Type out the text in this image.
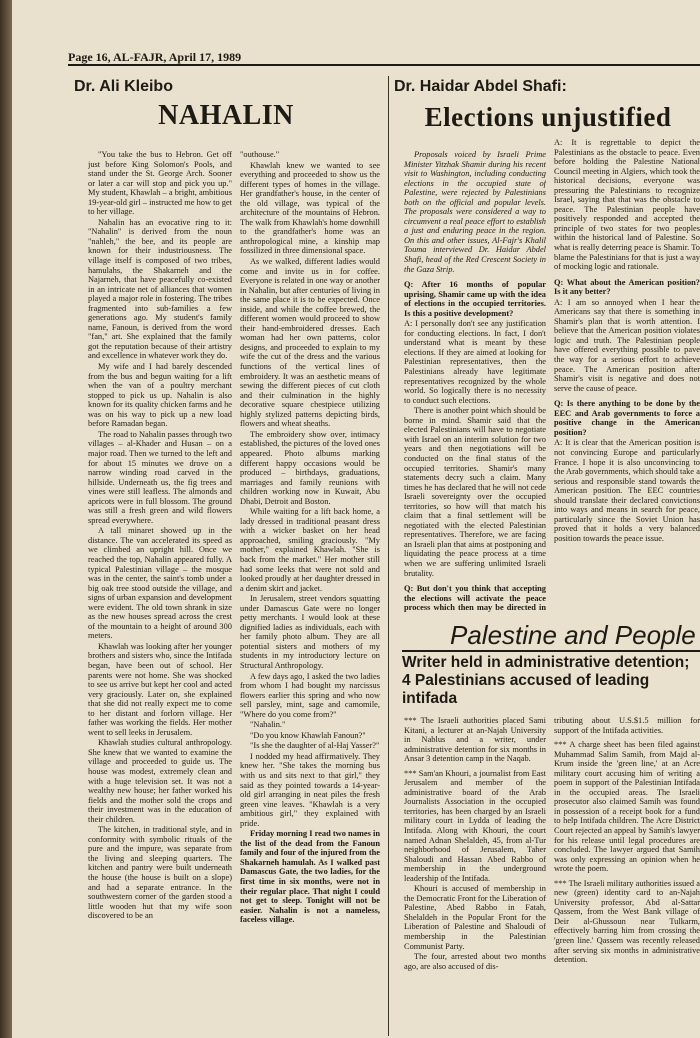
Page 16, AL-FAJR, April 17, 1989
Dr. Ali Kleibo
NAHALIN

"You take the bus to Hebron. Get off just before King Solomon's Pools, and stand under the St. George Arch. Sooner or later a car will stop and pick you up." My student, Khawlah – a bright, ambitious 19-year-old girl – instructed me how to get to her village.

Nahalin has an evocative ring to it: "Nahalin" is derived from the noun "nahleh," the bee, and its people are known for their industriousness. The village itself is composed of two tribes, hamulahs, the Shakarneh and the Najarneh, that have peacefully co-existed in an intricate net of alliances that women played a major role in fostering. The tribes fragmented into sub-families a few generations ago. My student's family name, Fanoun, is derived from the word "fan," art. She explained that the family got the reputation because of their artistry and excellence in whatever work they do.

My wife and I had barely descended from the bus and begun waiting for a lift when the van of a poultry merchant stopped to pick us up. Nahalin is also known for its quality chicken farms and he was on his way to pick up a new load before Ramadan began.

The road to Nahalin passes through two villages – al-Khader and Husan – on a major road. Then we turned to the left and for about 15 minutes we drove on a narrow winding road carved in the hillside. Underneath us, the fig trees and vines were still leafless. The almonds and apricots were in full blossom. The ground was still a fresh green and wild flowers spread everywhere.

A tall minaret showed up in the distance. The van accelerated its speed as we climbed an upright hill. Once we reached the top, Nahalin appeared fully. A typical Palestinian village – the mosque was in the center, the saint's tomb under a big oak tree stood outside the village, and signs of urban expansion and development were evident. The old town shrank in size as the new houses spread across the crest of the mountain to a height of around 300 meters.

Khawlah was looking after her younger brothers and sisters who, since the Intifada began, have been out of school. Her parents were not home. She was shocked to see us arrive but kept her cool and acted very graciously. Later on, she explained that she did not really expect me to come to her distant and forlorn village. Her father was working the fields. Her mother went to sell leeks in Jerusalem.

Khawlah studies cultural anthropology. She knew that we wanted to examine the village and proceeded to guide us. The house was modest, extremely clean and with a huge television set. It was not a wealthy new house; her father worked his fields and the mother sold the crops and their investment was in the education of their children.

The kitchen, in traditional style, and in conformity with symbolic rituals of the pure and the impure, was separate from the living and sleeping quarters. The kitchen and pantry were built underneath the house (the house is built on a slope) and had a separate entrance. In the southwestern corner of the garden stood a little wooden hut that my wife soon discovered to be an

"outhouse."

Khawlah knew we wanted to see everything and proceeded to show us the different types of homes in the village. Her grandfather's house, in the center of the old village, was typical of the architecture of the mountains of Hebron. The walk from Khawlah's home downhill to the grandfather's home was an anthropological mine, a kinship map fossilized in three dimensional space.

As we walked, different ladies would come and invite us in for coffee. Everyone is related in one way or another in Nahalin, but after centuries of living in the same place it is to be expected. Once inside, and while the coffee brewed, the different women would proceed to show their hand-embroidered dresses. Each woman had her own patterns, color designs, and proceeded to explain to my wife the cut of the dress and the various functions of the vertical lines of embroidery. It was an aesthetic means of sewing the different pieces of cut cloth and their culmination in the highly decorative square chestpiece utilizing highly stylized patterns depicting birds, flowers and wheat sheaths.

The embroidery show over, intimacy established, the pictures of the loved ones appeared. Photo albums marking different happy occasions would be produced – birthdays, graduations, marriages and family reunions with children working now in Kuwait, Abu Dhabi, Detroit and Boston.

While waiting for a lift back home, a lady dressed in traditional peasant dress with a wicker basket on her head approached, smiling graciously. "My mother," explained Khawlah. "She is back from the market." Her mother still had some leeks that were not sold and looked proudly at her daughter dressed in a denim skirt and jacket.

In Jerusalem, street vendors squatting under Damascus Gate were no longer petty merchants. I would look at these dignified ladies as individuals, each with her family photo album. They are all potential sisters and mothers of my students in my introductory lecture on Structural Anthropology.

A few days ago, I asked the two ladies from whom I had bought my narcissus flowers earlier this spring and who now sell parsley, mint, sage and camomile, "Where do you come from?"

"Nahalin."

"Do you know Khawlah Fanoun?"

"Is she the daughter of al-Haj Yasser?"

I nodded my head affirmatively. They knew her. "She takes the morning bus with us and sits next to that girl," they said as they pointed towards a 14-year-old girl arranging in neat piles the fresh green vine leaves. "Khawlah is a very ambitious girl," they explained with pride.

Friday morning I read two names in the list of the dead from the Fanoun family and four of the injured from the Shakarneh hamulah. As I walked past Damascus Gate, the two ladies, for the first time in six months, were not in their regular place. That night I could not get to sleep. Tonight will not be easier. Nahalin is not a nameless, faceless village.

Dr. Haidar Abdel Shafi:
Elections unjustified

Proposals voiced by Israeli Prime Minister Yitzhak Shamir during his recent visit to Washington, including conducting elections in the occupied state of Palestine, were rejected by Palestinians both on the official and popular levels. The proposals were considered a way to circumvent a real peace effort to establish a just and enduring peace in the region. On this and other issues, Al-Fajr's Khalil Touma interviewed Dr. Haidar Abdel Shafi, head of the Red Crescent Society in the Gaza Strip.

Q: After 16 months of popular uprising, Shamir came up with the idea of elections in the occupied territories. Is this a positive development?

A: I personally don't see any justification for conducting elections. In fact, I don't understand what is meant by these elections. If they are aimed at looking for Palestinian representatives, then the Palestinians already have legitimate representatives recognized by the whole world. So logically there is no necessity to conduct such elections.

There is another point which should be borne in mind. Shamir said that the elected Palestinians will have to negotiate with Israel on an interim solution for two years and then negotiations will be conducted on the final status of the occupied territories. Shamir's many statements decry such a claim. Many times he has declared that he will not cede Israeli sovereignty over the occupied territories, so how will that match his claim that a final settlement will be negotiated with the elected Palestinian representatives. Therefore, we are facing an Israeli plan that aims at postponing and liquidating the peace process at a time when we are suffering unlimited Israeli brutality.

Q: But don't you think that accepting the elections will activate the peace process which then may be directed in

A: It is regrettable to depict the Palestinians as the obstacle to peace. Even before holding the Palestine National Council meeting in Algiers, which took the historical decisions, everyone was pressuring the Palestinians to recognize Israel, saying that that was the obstacle to peace. The Palestinian people have positively responded and accepted the principle of two states for two peoples within the historical land of Palestine. So what is really deterring peace is Shamir. To blame the Palestinians for that is just a way of mocking logic and rationale.

Q: What about the American position? Is it any better?

A: I am so annoyed when I hear the Americans say that there is something in Shamir's plan that is worth attention. I believe that the American position violates logic and truth. The Palestinian people have offered everything possible to pave the way for a serious effort to achieve peace. The American position after Shamir's visit is negative and does not serve the cause of peace.

Q: Is there anything to be done by the EEC and Arab governments to force a positive change in the American position?

A: It is clear that the American position is not convincing Europe and particularly France. I hope it is also unconvincing to the Arab governments, which should take a serious and responsible stand towards the American position. The EEC countries should translate their declared convictions into ways and means in search for peace, particularly since the Soviet Union has proved that it holds a very balanced position towards the peace issue.

Palestine and People
Writer held in administrative detention;
4 Palestinians accused of leading intifada

*** The Israeli authorities placed Sami Kitani, a lecturer at an-Najah University in Nablus and a writer, under administrative detention for six months in Ansar 3 detention camp in the Naqab.

*** Sam'an Khouri, a journalist from East Jerusalem and member of the administrative board of the Arab Journalists Association in the occupied territories, has been charged by an Israeli military court in Lydda of leading the Intifada. Along with Khouri, the court named Adnan Shelaldeh, 45, from al-Tur neighborhood of Jerusalem, Taher Shaloudi and Hassan Abed Rabbo of membership in the underground leadership of the Intifada.

Khouri is accused of membership in the Democratic Front for the Liberation of Palestine, Abed Rabbo in Fatah, Shelaldeh in the Popular Front for the Liberation of Palestine and Shaloudi of membership in the Palestinian Communist Party.

The four, arrested about two months ago, are also accused of dis-

tributing about U.S.$1.5 million for support of the Intifada activities.

*** A charge sheet has been filed against Muhammad Salim Samih, from Majd al-Krum inside the 'green line,' at an Acre military court accusing him of writing a poem in support of the Palestinian Intifada in the occupied areas. The Israeli prosecutor also claimed Samih was found in possession of a receipt book for a fund to help Intifada children. The Acre District Court rejected an appeal by Samih's lawyer for his release until legal procedures are concluded. The lawyer argued that Samih was only expressing an opinion when he wrote the poem.

*** The Israeli military authorities issued a new (green) identity card to an-Najah University professor, Abd al-Sattar Qassem, from the West Bank village of Deir al-Ghussoun near Tulkarm, effectively barring him from crossing the 'green line.' Qassem was recently released after serving six months in administrative detention.
